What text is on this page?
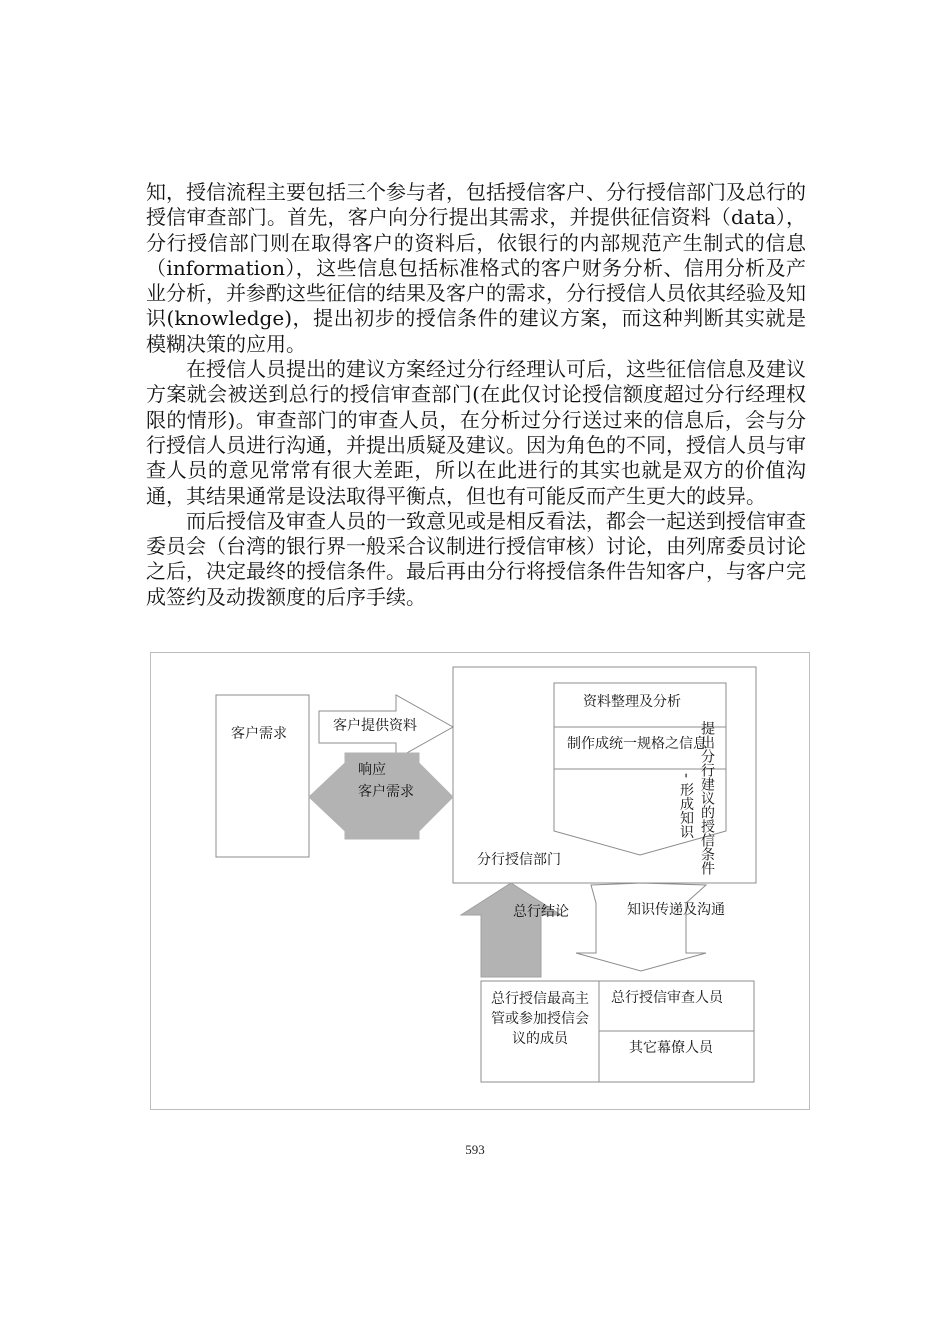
知，授信流程主要包括三个参与者，包括授信客户、分行授信部门及总行的授信审查部门。首先，客户向分行提出其需求，并提供征信资料（data），分行授信部门则在取得客户的资料后，依银行的内部规范产生制式的信息（information），这些信息包括标准格式的客户财务分析、信用分析及产业分析，并参酌这些征信的结果及客户的需求，分行授信人员依其经验及知识(knowledge)，提出初步的授信条件的建议方案，而这种判断其实就是模糊决策的应用。

在授信人员提出的建议方案经过分行经理认可后，这些征信信息及建议方案就会被送到总行的授信审查部门(在此仅讨论授信额度超过分行经理权限的情形)。审查部门的审查人员，在分析过分行送过来的信息后，会与分行授信人员进行沟通，并提出质疑及建议。因为角色的不同，授信人员与审查人员的意见常常有很大差距，所以在此进行的其实也就是双方的价值沟通，其结果通常是设法取得平衡点，但也有可能反而产生更大的歧异。

而后授信及审查人员的一致意见或是相反看法，都会一起送到授信审查委员会（台湾的银行界一般采合议制进行授信审核）讨论，由列席委员讨论之后，决定最终的授信条件。最后再由分行将授信条件告知客户，与客户完成签约及动拨额度的后序手续。

客户需求	客户提供资料
响应
客户需求
资料整理及分析
制作成统一规格之信息
- 形成知识 提出分行建议的授信条件
分行授信部门
总行结论	知识传递及沟通
总行授信最高主管或参加授信会议的成员
总行授信审查人员
其它幕僚人员
593
